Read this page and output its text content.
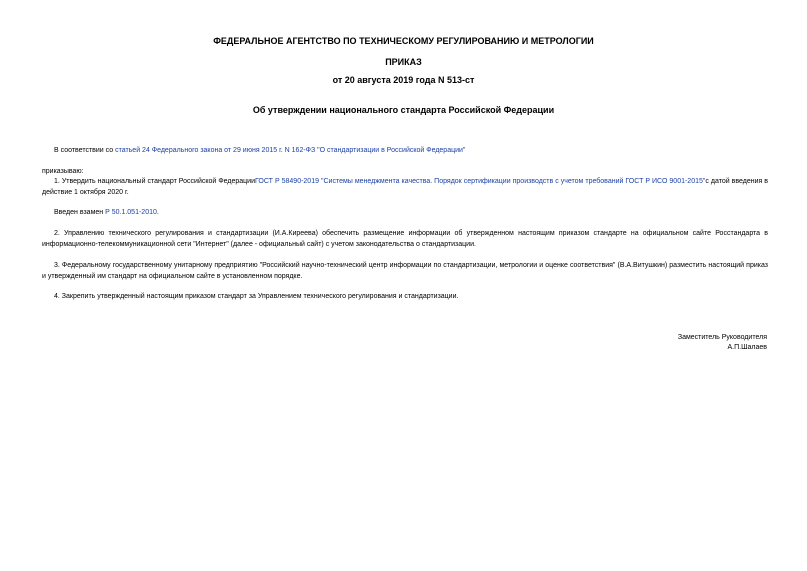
ФЕДЕРАЛЬНОЕ АГЕНТСТВО ПО ТЕХНИЧЕСКОМУ РЕГУЛИРОВАНИЮ И МЕТРОЛОГИИ
ПРИКАЗ
от 20 августа 2019 года N 513-ст
Об утверждении национального стандарта Российской Федерации
В соответствии со статьей 24 Федерального закона от 29 июня 2015 г. N 162-ФЗ "О стандартизации в Российской Федерации"
приказываю:
1. Утвердить национальный стандарт Российской ФедерацииГОСТ Р 58490-2019 "Системы менеджмента качества. Порядок сертификации производств с учетом требований ГОСТ Р ИСО 9001-2015"с датой введения в действие 1 октября 2020 г.
Введен взамен Р 50.1.051-2010.
2. Управлению технического регулирования и стандартизации (И.А.Киреева) обеспечить размещение информации об утвержденном настоящим приказом стандарте на официальном сайте Росстандарта в информационно-телекоммуникационной сети "Интернет" (далее - официальный сайт) с учетом законодательства о стандартизации.
3. Федеральному государственному унитарному предприятию "Российский научно-технический центр информации по стандартизации, метрологии и оценке соответствия" (В.А.Витушкин) разместить настоящий приказ и утвержденный им стандарт на официальном сайте в установленном порядке.
4. Закрепить утвержденный настоящим приказом стандарт за Управлением технического регулирования и стандартизации.
Заместитель Руководителя
А.П.Шалаев
